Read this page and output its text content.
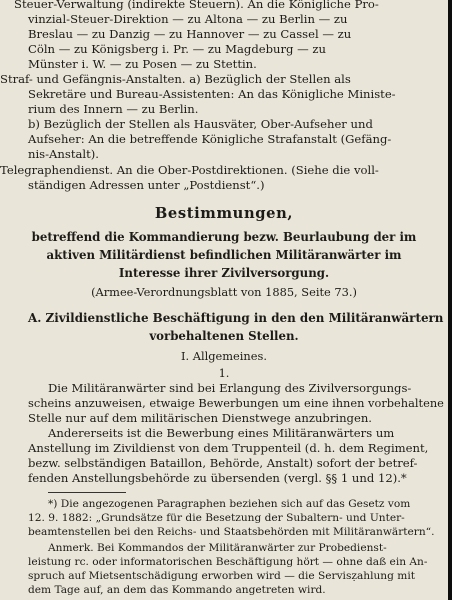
Steuer-Verwaltung (indirekte Steuern). An die Königliche Pro-
vinzial-Steuer-Direktion — zu Altona — zu Berlin — zu
Breslau — zu Danzig — zu Hannover — zu Cassel — zu
Cöln — zu Königsberg i. Pr. — zu Magdeburg — zu
Münster i. W. — zu Posen — zu Stettin.
Straf- und Gefängnis-Anstalten. a) Bezüglich der Stellen als
Sekretäre und Bureau-Assistenten: An das Königliche Ministe-
rium des Innern — zu Berlin.
b) Bezüglich der Stellen als Hausväter, Ober-Aufseher und
Aufseher: An die betreffende Königliche Strafanstalt (Gefäng-
nis-Anstalt).
Telegraphendienst. An die Ober-Postdirektionen. (Siehe die voll-
ständigen Adressen unter „Postdienst“.)
Bestimmungen,
betreffend die Kommandierung bezw. Beurlaubung der im
aktiven Militärdienst befindlichen Militäranwärter im
Interesse ihrer Zivilversorgung.
(Armee-Verordnungsblatt von 1885, Seite 73.)
A. Zivildienstliche Beschäftigung in den den Militäranwärtern
vorbehaltenen Stellen.
I. Allgemeines.
1.
Die Militäranwärter sind bei Erlangung des Zivilversorgungs-
scheins anzuweisen, etwaige Bewerbungen um eine ihnen vorbehaltene
Stelle nur auf dem militärischen Dienstwege anzubringen.
Andererseits ist die Bewerbung eines Militäranwärters um
Anstellung im Zivildienst von dem Truppenteil (d. h. dem Regiment,
bezw. selbständigen Bataillon, Behörde, Anstalt) sofort der betref-
fenden Anstellungsbehörde zu übersenden (vergl. §§ 1 und 12).*
*) Die angezogenen Paragraphen beziehen sich auf das Gesetz vom
12. 9. 1882: „Grundsätze für die Besetzung der Subaltern- und Unter-
beamtenstellen bei den Reichs- und Staatsbehörden mit Militäranwärtern“.
Anmerk. Bei Kommandos der Militäranwärter zur Probedienst-
leistung rc. oder informatorischen Beschäftigung hört — ohne daß ein An-
spruch auf Mietsentschädigung erworben wird — die Servisẓahlung mit
dem Tage auf, an dem das Kommando angetreten wird.
